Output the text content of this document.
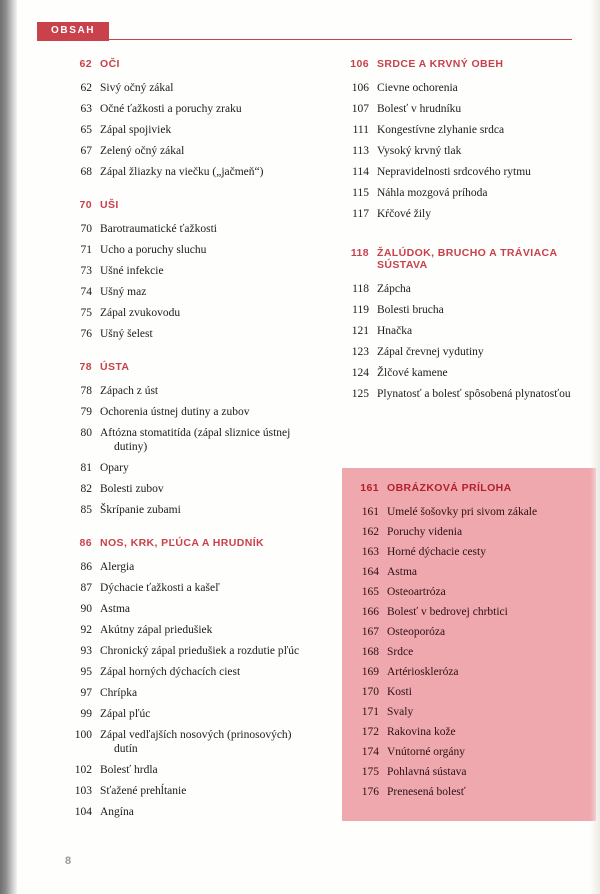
OBSAH
62 OČI
62 Sivý očný zákal
63 Očné ťažkosti a poruchy zraku
65 Zápal spojiviek
67 Zelený očný zákal
68 Zápal žliazky na viečku („jačmeň“)
70 UŠI
70 Barotraumatické ťažkosti
71 Ucho a poruchy sluchu
73 Ušné infekcie
74 Ušný maz
75 Zápal zvukovodu
76 Ušný šelest
78 ÚSTA
78 Zápach z úst
79 Ochorenia ústnej dutiny a zubov
80 Aftózna stomatitída (zápal sliznice ústnej
dutiny)
81 Opary
82 Bolesti zubov
85 Škrípanie zubami
86 NOS, KRK, PĽÚCA A HRUDNÍK
86 Alergia
87 Dýchacie ťažkosti a kašeľ
90 Astma
92 Akútny zápal priedušiek
93 Chronický zápal priedušiek a rozdutie pľúc
95 Zápal horných dýchacích ciest
97 Chrípka
99 Zápal pľúc
100 Zápal vedľajších nosových (prinosových)
dutín
102 Bolesť hrdla
103 Sťažené prehĺtanie
104 Angína
106 SRDCE A KRVNÝ OBEH
106 Cievne ochorenia
107 Bolesť v hrudníku
111 Kongestívne zlyhanie srdca
113 Vysoký krvný tlak
114 Nepravidelnosti srdcového rytmu
115 Náhla mozgová príhoda
117 Kŕčové žily
118 ŽALÚDOK, BRUCHO A TRÁVIACA SÚSTAVA
118 Zápcha
119 Bolesti brucha
121 Hnačka
123 Zápal črevnej vydutiny
124 Žlčové kamene
125 Plynatosť a bolesť spôsobená plynatosťou
161 OBRÁZKOVÁ PRÍLOHA
161 Umelé šošovky pri sivom zákale
162 Poruchy videnia
163 Horné dýchacie cesty
164 Astma
165 Osteoartróza
166 Bolesť v bedrovej chrbtici
167 Osteoporóza
168 Srdce
169 Artérioskleróza
170 Kosti
171 Svaly
172 Rakovina kože
174 Vnútorné orgány
175 Pohlavná sústava
176 Prenesená bolesť
8
